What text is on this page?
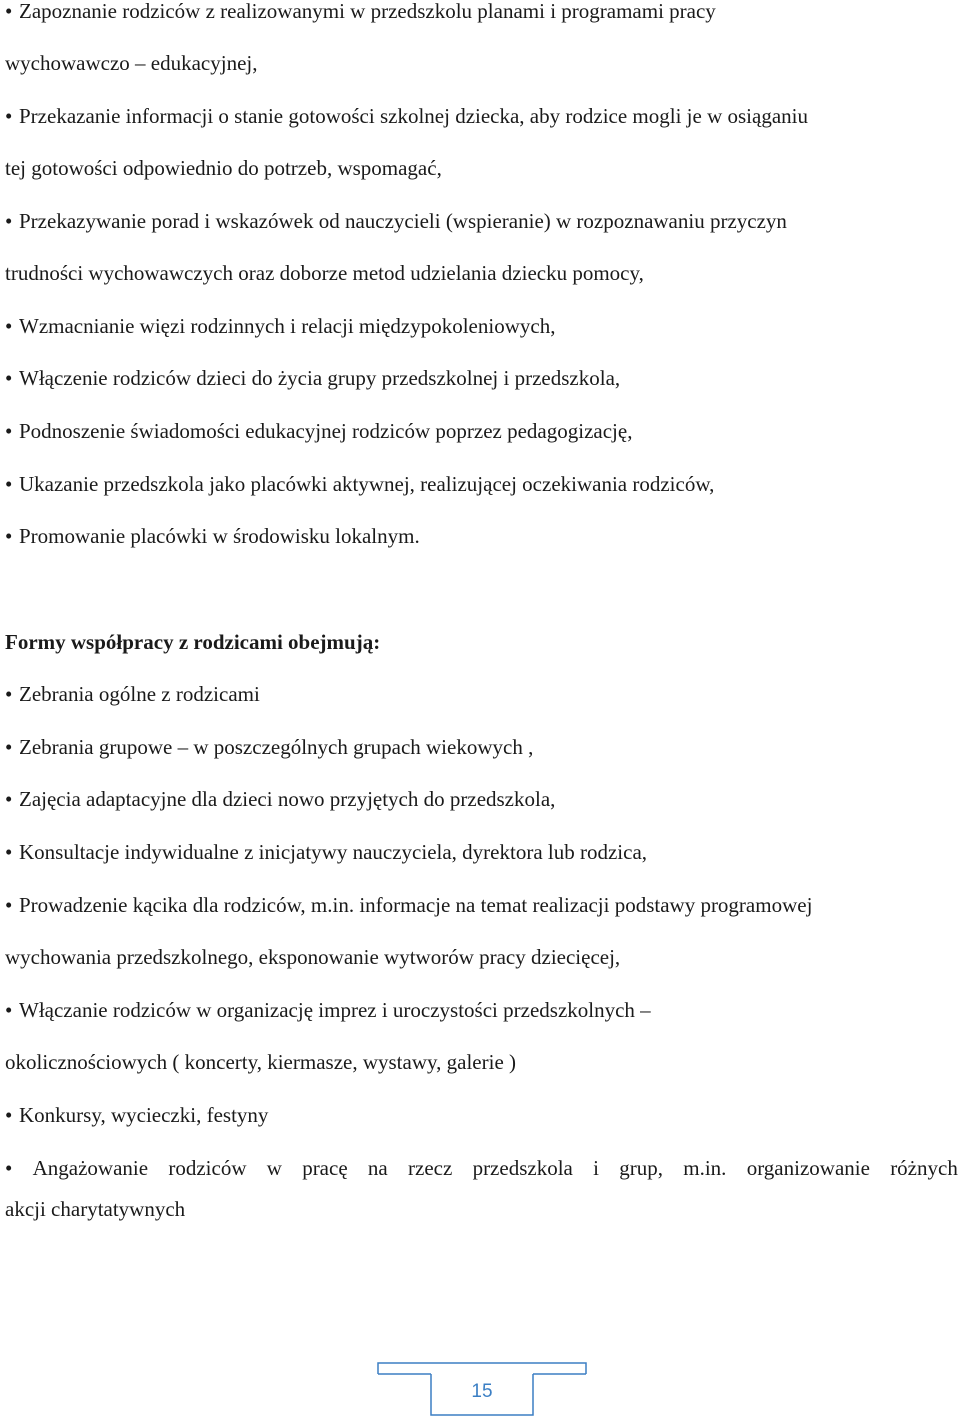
• Zapoznanie rodziców z realizowanymi w przedszkolu planami i programami pracy
wychowawczo – edukacyjnej,
• Przekazanie informacji o stanie gotowości szkolnej dziecka, aby rodzice mogli je w osiąganiu
tej gotowości odpowiednio do potrzeb, wspomagać,
• Przekazywanie porad i wskazówek od nauczycieli (wspieranie) w rozpoznawaniu przyczyn
trudności wychowawczych oraz doborze metod udzielania dziecku pomocy,
• Wzmacnianie więzi rodzinnych i relacji międzypokoleniowych,
• Włączenie rodziców dzieci do życia grupy przedszkolnej i przedszkola,
• Podnoszenie świadomości edukacyjnej rodziców poprzez pedagogizację,
• Ukazanie przedszkola jako placówki aktywnej, realizującej oczekiwania rodziców,
• Promowanie placówki w środowisku lokalnym.
Formy współpracy z rodzicami obejmują:
• Zebrania ogólne z rodzicami
• Zebrania grupowe – w poszczególnych grupach wiekowych ,
• Zajęcia adaptacyjne dla dzieci nowo przyjętych do przedszkola,
• Konsultacje indywidualne z inicjatywy nauczyciela, dyrektora lub rodzica,
• Prowadzenie kącika dla rodziców, m.in. informacje na temat realizacji podstawy programowej
wychowania przedszkolnego, eksponowanie wytworów pracy dziecięcej,
• Włączanie rodziców w organizację imprez i uroczystości przedszkolnych –
okolicznościowych ( koncerty, kiermasze, wystawy, galerie )
• Konkursy, wycieczki, festyny
• Angażowanie rodziców w pracę na rzecz przedszkola i grup, m.in. organizowanie różnych
akcji charytatywnych
15
